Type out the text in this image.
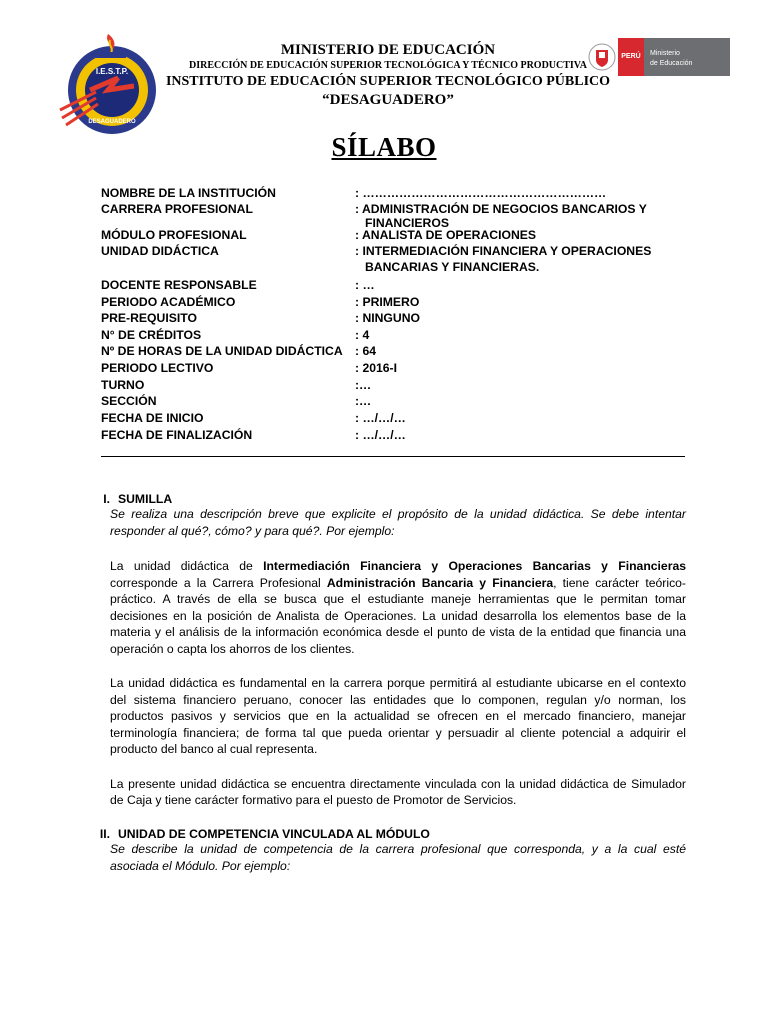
I.E.S.T.P.
DESAGUADERO
MINISTERIO DE EDUCACIÓN
DIRECCIÓN DE EDUCACIÓN SUPERIOR TECNOLÓGICA Y TÉCNICO PRODUCTIVA
INSTITUTO DE EDUCACIÓN SUPERIOR TECNOLÓGICO PÚBLICO
“DESAGUADERO”
PERÚ Ministerio
de Educación
SÍLABO
NOMBRE DE LA INSTITUCIÓN	: ……………………………………………………
CARRERA PROFESIONAL	: ADMINISTRACIÓN DE NEGOCIOS BANCARIOS Y
FINANCIEROS
MÓDULO PROFESIONAL	: ANALISTA DE OPERACIONES
UNIDAD DIDÁCTICA	: INTERMEDIACIÓN FINANCIERA Y OPERACIONES
BANCARIAS Y FINANCIERAS.
DOCENTE RESPONSABLE	: …
PERIODO ACADÉMICO	: PRIMERO
PRE-REQUISITO	: NINGUNO
N° DE CRÉDITOS	: 4
Nº DE HORAS DE LA UNIDAD DIDÁCTICA	: 64
PERIODO LECTIVO	: 2016-I
TURNO	:…
SECCIÓN	:…
FECHA DE INICIO	: …/…/…
FECHA DE FINALIZACIÓN	: …/…/…
I. SUMILLA
Se realiza una descripción breve que explicite el propósito de la unidad didáctica. Se debe intentar responder al qué?, cómo? y para qué?. Por ejemplo:
La unidad didáctica de Intermediación Financiera y Operaciones Bancarias y Financieras corresponde a la Carrera Profesional Administración Bancaria y Financiera, tiene carácter teórico-práctico. A través de ella se busca que el estudiante maneje herramientas que le permitan tomar decisiones en la posición de Analista de Operaciones. La unidad desarrolla los elementos base de la materia y el análisis de la información económica desde el punto de vista de la entidad que financia una operación o capta los ahorros de los clientes.
La unidad didáctica es fundamental en la carrera porque permitirá al estudiante ubicarse en el contexto del sistema financiero peruano, conocer las entidades que lo componen, regulan y/o norman, los productos pasivos y servicios que en la actualidad se ofrecen en el mercado financiero, manejar terminología financiera; de forma tal que pueda orientar y persuadir al cliente potencial a adquirir el producto del banco al cual representa.
La presente unidad didáctica se encuentra directamente vinculada con la unidad didáctica de Simulador de Caja y tiene carácter formativo para el puesto de Promotor de Servicios.
II. UNIDAD DE COMPETENCIA VINCULADA AL MÓDULO
Se describe la unidad de competencia de la carrera profesional que corresponda, y a la cual esté asociada el Módulo. Por ejemplo:
